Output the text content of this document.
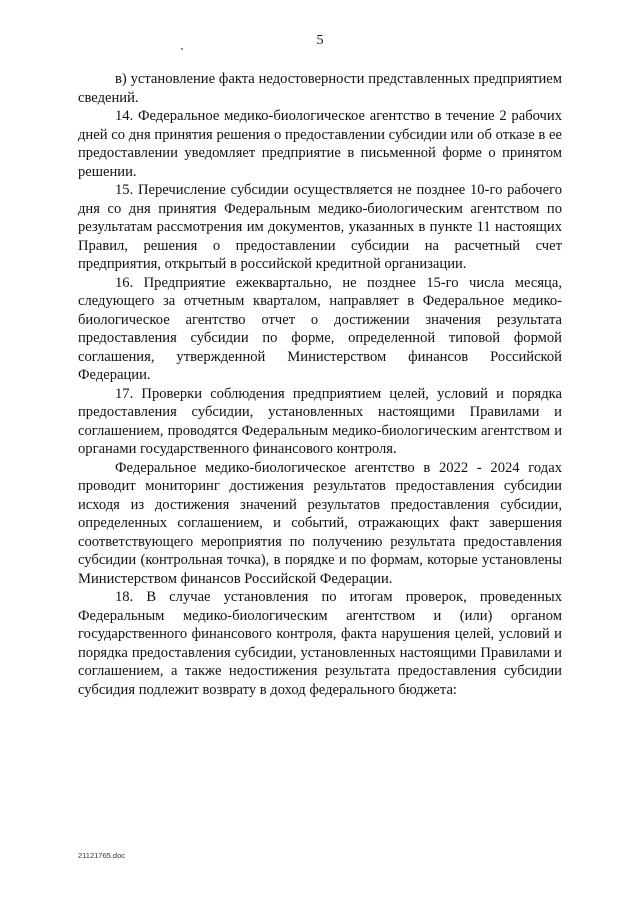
5

в) установление факта недостоверности представленных предприятием сведений.

14. Федеральное медико-биологическое агентство в течение 2 рабочих дней со дня принятия решения о предоставлении субсидии или об отказе в ее предоставлении уведомляет предприятие в письменной форме о принятом решении.

15. Перечисление субсидии осуществляется не позднее 10-го рабочего дня со дня принятия Федеральным медико-биологическим агентством по результатам рассмотрения им документов, указанных в пункте 11 настоящих Правил, решения о предоставлении субсидии на расчетный счет предприятия, открытый в российской кредитной организации.

16. Предприятие ежеквартально, не позднее 15-го числа месяца, следующего за отчетным кварталом, направляет в Федеральное медико-биологическое агентство отчет о достижении значения результата предоставления субсидии по форме, определенной типовой формой соглашения, утвержденной Министерством финансов Российской Федерации.

17. Проверки соблюдения предприятием целей, условий и порядка предоставления субсидии, установленных настоящими Правилами и соглашением, проводятся Федеральным медико-биологическим агентством и органами государственного финансового контроля.

Федеральное медико-биологическое агентство в 2022 - 2024 годах проводит мониторинг достижения результатов предоставления субсидии исходя из достижения значений результатов предоставления субсидии, определенных соглашением, и событий, отражающих факт завершения соответствующего мероприятия по получению результата предоставления субсидии (контрольная точка), в порядке и по формам, которые установлены Министерством финансов Российской Федерации.

18. В случае установления по итогам проверок, проведенных Федеральным медико-биологическим агентством и (или) органом государственного финансового контроля, факта нарушения целей, условий и порядка предоставления субсидии, установленных настоящими Правилами и соглашением, а также недостижения результата предоставления субсидии субсидия подлежит возврату в доход федерального бюджета:

21121765.doc
